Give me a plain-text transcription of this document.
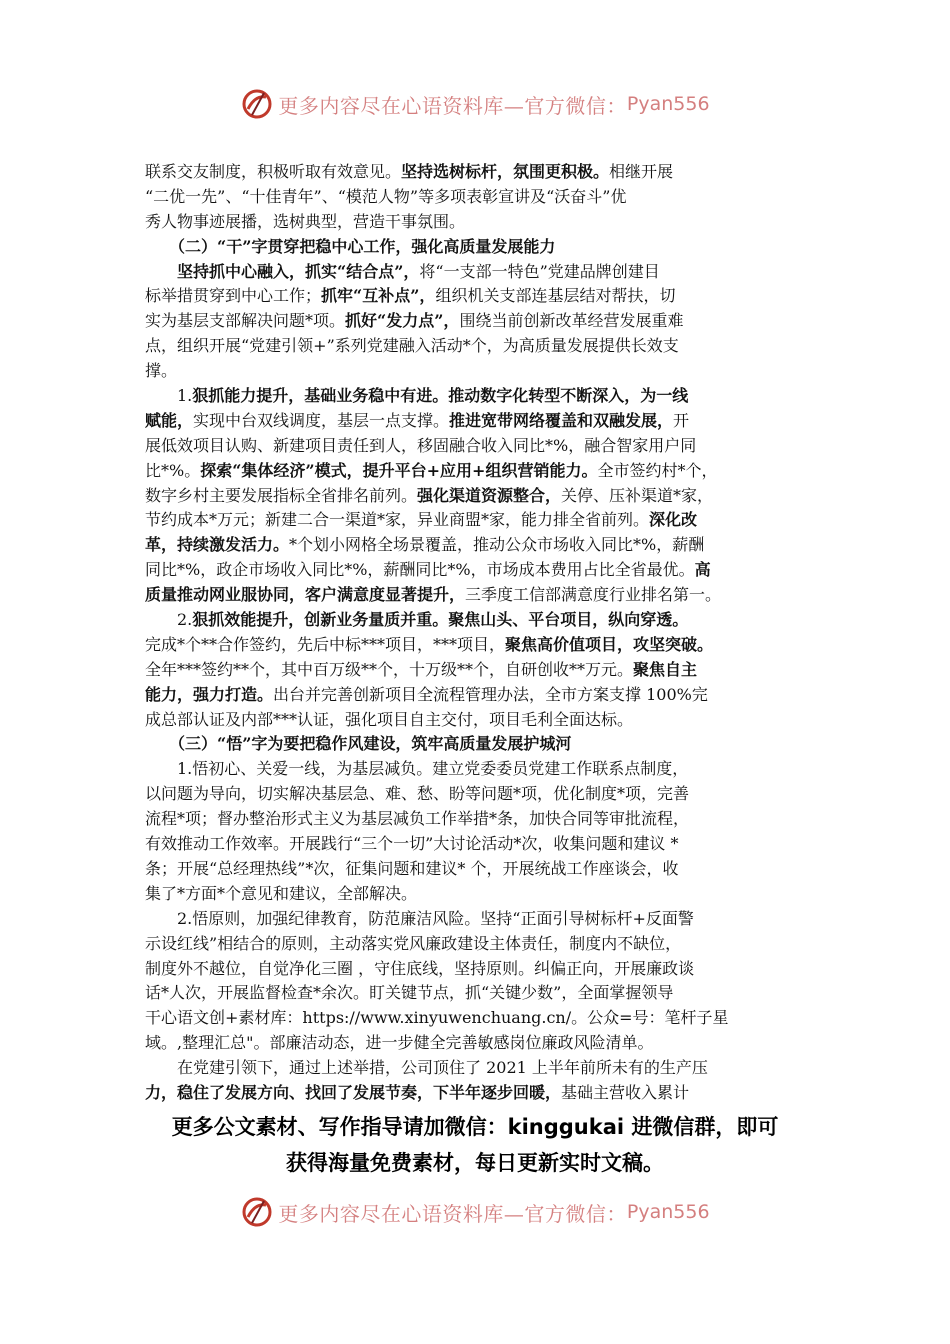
更多内容尽在心语资料库—官方微信： Pyan556
联系交友制度，积极听取有效意见。坚持选树标杆，氛围更积极。相继开展
“二优一先”、“十佳青年”、“模范人物”等多项表彰宣讲及“沃奋斗”优
秀人物事迹展播，选树典型，营造干事氛围。
　　（二）“干”字贯穿把稳中心工作，强化高质量发展能力
　　坚持抓中心融入，抓实“结合点”，将“一支部一特色”党建品牌创建目
标举措贯穿到中心工作；抓牢“互补点”，组织机关支部连基层结对帮扶，切
实为基层支部解决问题*项。抓好“发力点”，围绕当前创新改革经营发展重难
点，组织开展“党建引领+”系列党建融入活动*个，为高质量发展提供长效支
撑。
　　1.狠抓能力提升，基础业务稳中有进。推动数字化转型不断深入，为一线
赋能，实现中台双线调度，基层一点支撑。推进宽带网络覆盖和双融发展，开
展低效项目认购、新建项目责任到人，移固融合收入同比*%，融合智家用户同
比*%。探索“集体经济”模式，提升平台+应用+组织营销能力。全市签约村*个，
数字乡村主要发展指标全省排名前列。强化渠道资源整合，关停、压补渠道*家，
节约成本*万元；新建二合一渠道*家，异业商盟*家，能力排全省前列。深化改
革，持续激发活力。*个划小网格全场景覆盖，推动公众市场收入同比*%，薪酬
同比*%，政企市场收入同比*%，薪酬同比*%，市场成本费用占比全省最优。高
质量推动网业服协同，客户满意度显著提升，三季度工信部满意度行业排名第一。
　　2.狠抓效能提升，创新业务量质并重。聚焦山头、平台项目，纵向穿透。
完成*个**合作签约，先后中标***项目，***项目，聚焦高价值项目，攻坚突破。
全年***签约**个，其中百万级**个，十万级**个，自研创收**万元。聚焦自主
能力，强力打造。出台并完善创新项目全流程管理办法，全市方案支撑 100%完
成总部认证及内部***认证，强化项目自主交付，项目毛利全面达标。
　　（三）“悟”字为要把稳作风建设，筑牢高质量发展护城河
　　1.悟初心、关爱一线，为基层减负。建立党委委员党建工作联系点制度，
以问题为导向，切实解决基层急、难、愁、盼等问题*项，优化制度*项，完善
流程*项；督办整治形式主义为基层减负工作举措*条，加快合同等审批流程，
有效推动工作效率。开展践行“三个一切”大讨论活动*次，收集问题和建议 *
条；开展“总经理热线”*次，征集问题和建议* 个，开展统战工作座谈会，收
集了*方面*个意见和建议，全部解决。
　　2.悟原则，加强纪律教育，防范廉洁风险。坚持“正面引导树标杆+反面警
示设红线”相结合的原则，主动落实党风廉政建设主体责任，制度内不缺位，
制度外不越位，自觉净化三圈 ，守住底线，坚持原则。纠偏正向，开展廉政谈
话*人次，开展监督检查*余次。盯关键节点，抓“关键少数”，全面掌握领导
干心语文创+素材库：https://www.xinyuwenchuang.cn/。公众=号：笔杆子星
域。,整理汇总"。部廉洁动态，进一步健全完善敏感岗位廉政风险清单。
　　在党建引领下，通过上述举措，公司顶住了 2021 上半年前所未有的生产压
力，稳住了发展方向、找回了发展节奏，下半年逐步回暖，基础主营收入累计
更多公文素材、写作指导请加微信：kinggukai 进微信群，即可
获得海量免费素材，每日更新实时文稿。
更多内容尽在心语资料库—官方微信： Pyan556
